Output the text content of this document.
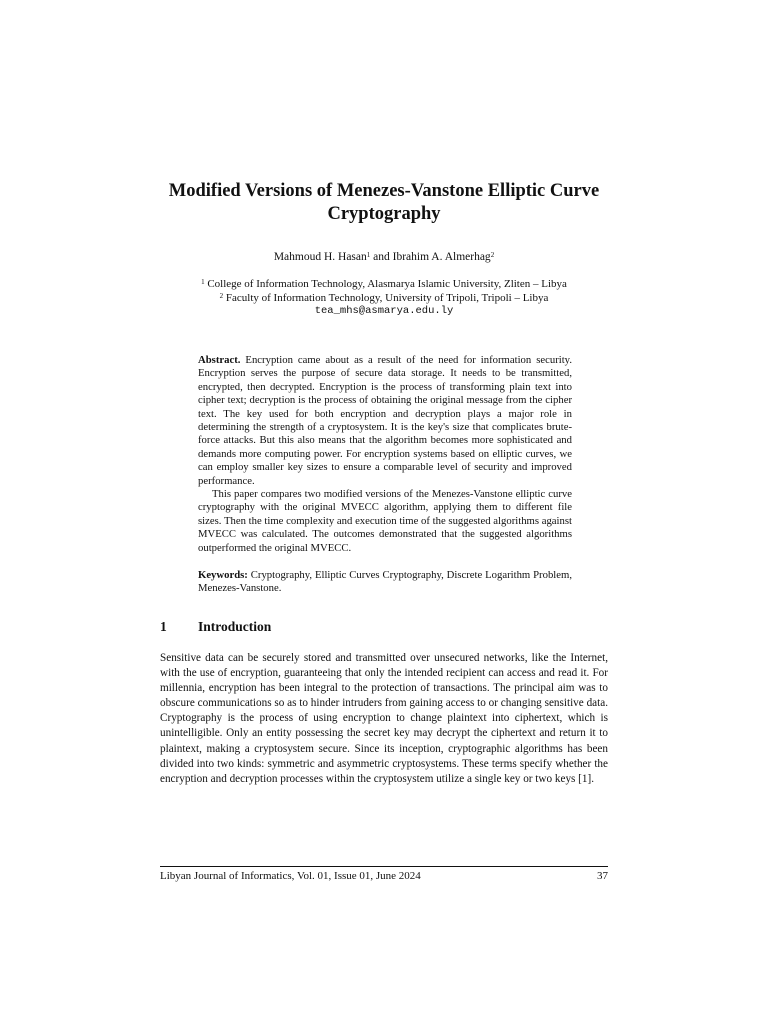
Modified Versions of Menezes-Vanstone Elliptic Curve Cryptography
Mahmoud H. Hasan$^1$ and Ibrahim A. Almerhag$^2$
$^1$ College of Information Technology, Alasmarya Islamic University, Zliten – Libya
$^2$ Faculty of Information Technology, University of Tripoli, Tripoli – Libya
tea_mhs@asmarya.edu.ly

Abstract. Encryption came about as a result of the need for information security. Encryption serves the purpose of secure data storage. It needs to be transmitted, encrypted, then decrypted. Encryption is the process of transforming plain text into cipher text; decryption is the process of obtaining the original message from the cipher text. The key used for both encryption and decryption plays a major role in determining the strength of a cryptosystem. It is the key's size that complicates brute-force attacks. But this also means that the algorithm becomes more sophisticated and demands more computing power. For encryption systems based on elliptic curves, we can employ smaller key sizes to ensure a comparable level of security and improved performance.

This paper compares two modified versions of the Menezes-Vanstone elliptic curve cryptography with the original MVECC algorithm, applying them to different file sizes. Then the time complexity and execution time of the suggested algorithms against MVECC was calculated. The outcomes demonstrated that the suggested algorithms outperformed the original MVECC.

Keywords: Cryptography, Elliptic Curves Cryptography, Discrete Logarithm Problem, Menezes-Vanstone.
1 Introduction
Sensitive data can be securely stored and transmitted over unsecured networks, like the Internet, with the use of encryption, guaranteeing that only the intended recipient can access and read it. For millennia, encryption has been integral to the protection of transactions. The principal aim was to obscure communications so as to hinder intruders from gaining access to or changing sensitive data. Cryptography is the process of using encryption to change plaintext into ciphertext, which is unintelligible. Only an entity possessing the secret key may decrypt the ciphertext and return it to plaintext, making a cryptosystem secure. Since its inception, cryptographic algorithms has been divided into two kinds: symmetric and asymmetric cryptosystems. These terms specify whether the encryption and decryption processes within the cryptosystem utilize a single key or two keys [1].
Libyan Journal of Informatics, Vol. 01, Issue 01, June 2024	37
